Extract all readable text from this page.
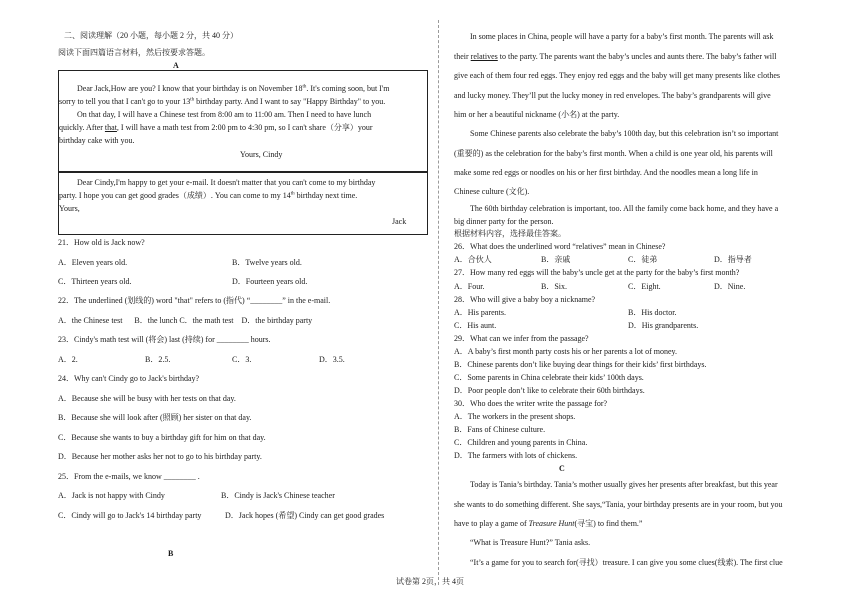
二、阅读理解（20 小题，每小题 2 分，共 40 分）
阅读下面四篇语言材料，然后按要求答题。
A
Dear Jack,How are you? I know that your birthday is on November 18th. It's coming soon, but I'm
sorry to tell you that I can't go to your 13th birthday party. And I want to say "Happy Birthday" to you.
On that day, I will have a Chinese test from 8:00 am to 11:00 am. Then I need to have lunch
quickly. After that, I will have a math test from 2:00 pm to 4:30 pm, so I can't share（分享）your
birthday cake with you.
Yours, Cindy
Dear Cindy,I'm happy to get your e-mail. It doesn't matter that you can't come to my birthday
party. I hope you can get good grades（成绩）. You can come to my 14th birthday next time.
Yours,
Jack
21．How old is Jack now?
A．Eleven years old.	B．Twelve years old.
C．Thirteen years old.	D．Fourteen years old.
22．The underlined (划线的) word "that" refers to (指代) “________” in the e-mail.
A．the Chinese test      B．the lunch C．the math test    D．the birthday party
23．Cindy's math test will (将会) last (持续) for ________ hours.
A．2.	B．2.5.	C．3.	D．3.5.
24．Why can't Cindy go to Jack's birthday?
A．Because she will be busy with her tests on that day.
B．Because she will look after (照顾) her sister on that day.
C．Because she wants to buy a birthday gift for him on that day.
D．Because her mother asks her not to go to his birthday party.
25．From the e-mails, we know ________ .
A．Jack is not happy with Cindy	B．Cindy is Jack's Chinese teacher
C．Cindy will go to Jack's 14 birthday party	D．Jack hopes (希望) Cindy can get good grades
B
In some places in China, people will have a party for a baby’s first month. The parents will ask
their relatives to the party. The parents want the baby’s uncles and aunts there. The baby’s father will
give each of them four red eggs. They enjoy red eggs and the baby will get many presents like clothes
and lucky money. They’ll put the lucky money in red envelopes. The baby’s grandparents will give
him or her a beautiful nickname (小名) at the party.
Some Chinese parents also celebrate the baby’s 100th day, but this celebration isn’t so important
(重要的) as the celebration for the baby’s first month. When a child is one year old, his parents will
make some red eggs or noodles on his or her first birthday. And the noodles mean a long life in
Chinese culture (文化).
The 60th birthday celebration is important, too. All the family come back home, and they have a
big dinner party for the person.
根据材料内容，选择最佳答案。
26．What does the underlined word “relatives” mean in Chinese?
A．合伙人	B．亲戚	C．徒弟	D．指导者
27．How many red eggs will the baby’s uncle get at the party for the baby’s first month?
A．Four.	B．Six.	C．Eight.	D．Nine.
28．Who will give a baby boy a nickname?
A．His parents.	B．His doctor.
C．His aunt.	D．His grandparents.
29．What can we infer from the passage?
A．A baby’s first month party costs his or her parents a lot of money.
B．Chinese parents don’t like buying dear things for their kids’ first birthdays.
C．Some parents in China celebrate their kids’ 100th days.
D．Poor people don’t like to celebrate their 60th birthdays.
30．Who does the writer write the passage for?
A．The workers in the present shops.
B．Fans of Chinese culture.
C．Children and young parents in China.
D．The farmers with lots of chickens.
C
Today is Tania’s birthday. Tania’s mother usually gives her presents after breakfast, but this year
she wants to do something different. She says,“Tania, your birthday presents are in your room, but you
have to play a game of Treasure Hunt(寻宝) to find them.”
“What is Treasure Hunt?” Tania asks.
“It’s a game for you to search for(寻找）treasure. I can give you some clues(线索). The first clue
试卷第 2页，共 4页
